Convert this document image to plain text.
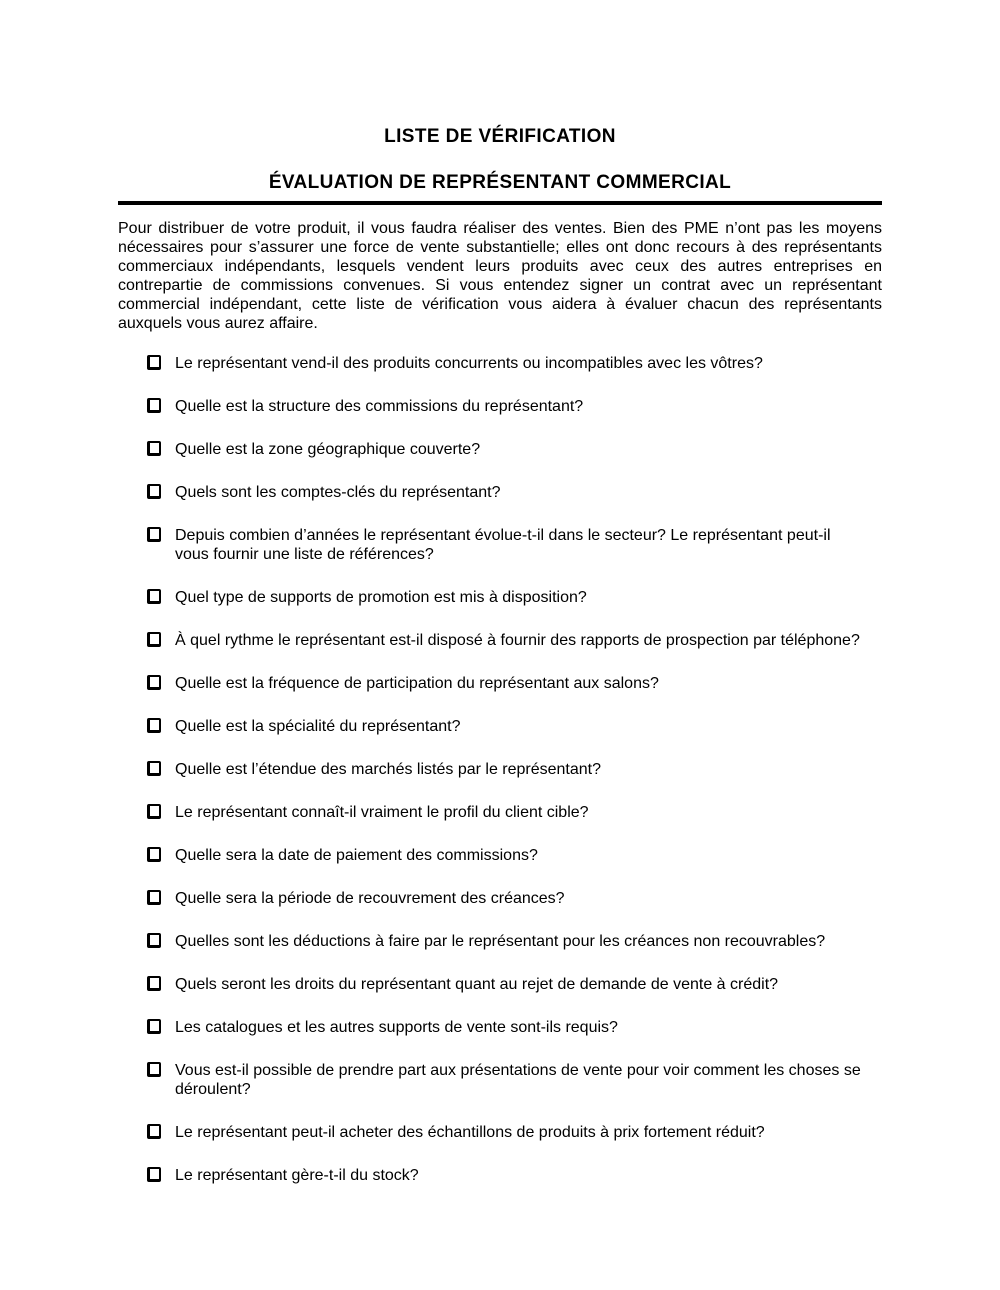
LISTE DE VÉRIFICATION
ÉVALUATION DE REPRÉSENTANT COMMERCIAL

Pour distribuer de votre produit, il vous faudra réaliser des ventes. Bien des PME n’ont pas les moyens nécessaires pour s’assurer une force de vente substantielle; elles ont donc recours à des représentants commerciaux indépendants, lesquels vendent leurs produits avec ceux des autres entreprises en contrepartie de commissions convenues. Si vous entendez signer un contrat avec un représentant commercial indépendant, cette liste de vérification vous aidera à évaluer chacun des représentants auxquels vous aurez affaire.

Le représentant vend-il des produits concurrents ou incompatibles avec les vôtres?
Quelle est la structure des commissions du représentant?
Quelle est la zone géographique couverte?
Quels sont les comptes-clés du représentant?
Depuis combien d’années le représentant évolue-t-il dans le secteur? Le représentant peut-il vous fournir une liste de références?
Quel type de supports de promotion est mis à disposition?
À quel rythme le représentant est-il disposé à fournir des rapports de prospection par téléphone?
Quelle est la fréquence de participation du représentant aux salons?
Quelle est la spécialité du représentant?
Quelle est l’étendue des marchés listés par le représentant?
Le représentant connaît-il vraiment le profil du client cible?
Quelle sera la date de paiement des commissions?
Quelle sera la période de recouvrement des créances?
Quelles sont les déductions à faire par le représentant pour les créances non recouvrables?
Quels seront les droits du représentant quant au rejet de demande de vente à crédit?
Les catalogues et les autres supports de vente sont-ils requis?
Vous est-il possible de prendre part aux présentations de vente pour voir comment les choses se déroulent?
Le représentant peut-il acheter des échantillons de produits à prix fortement réduit?
Le représentant gère-t-il du stock?
